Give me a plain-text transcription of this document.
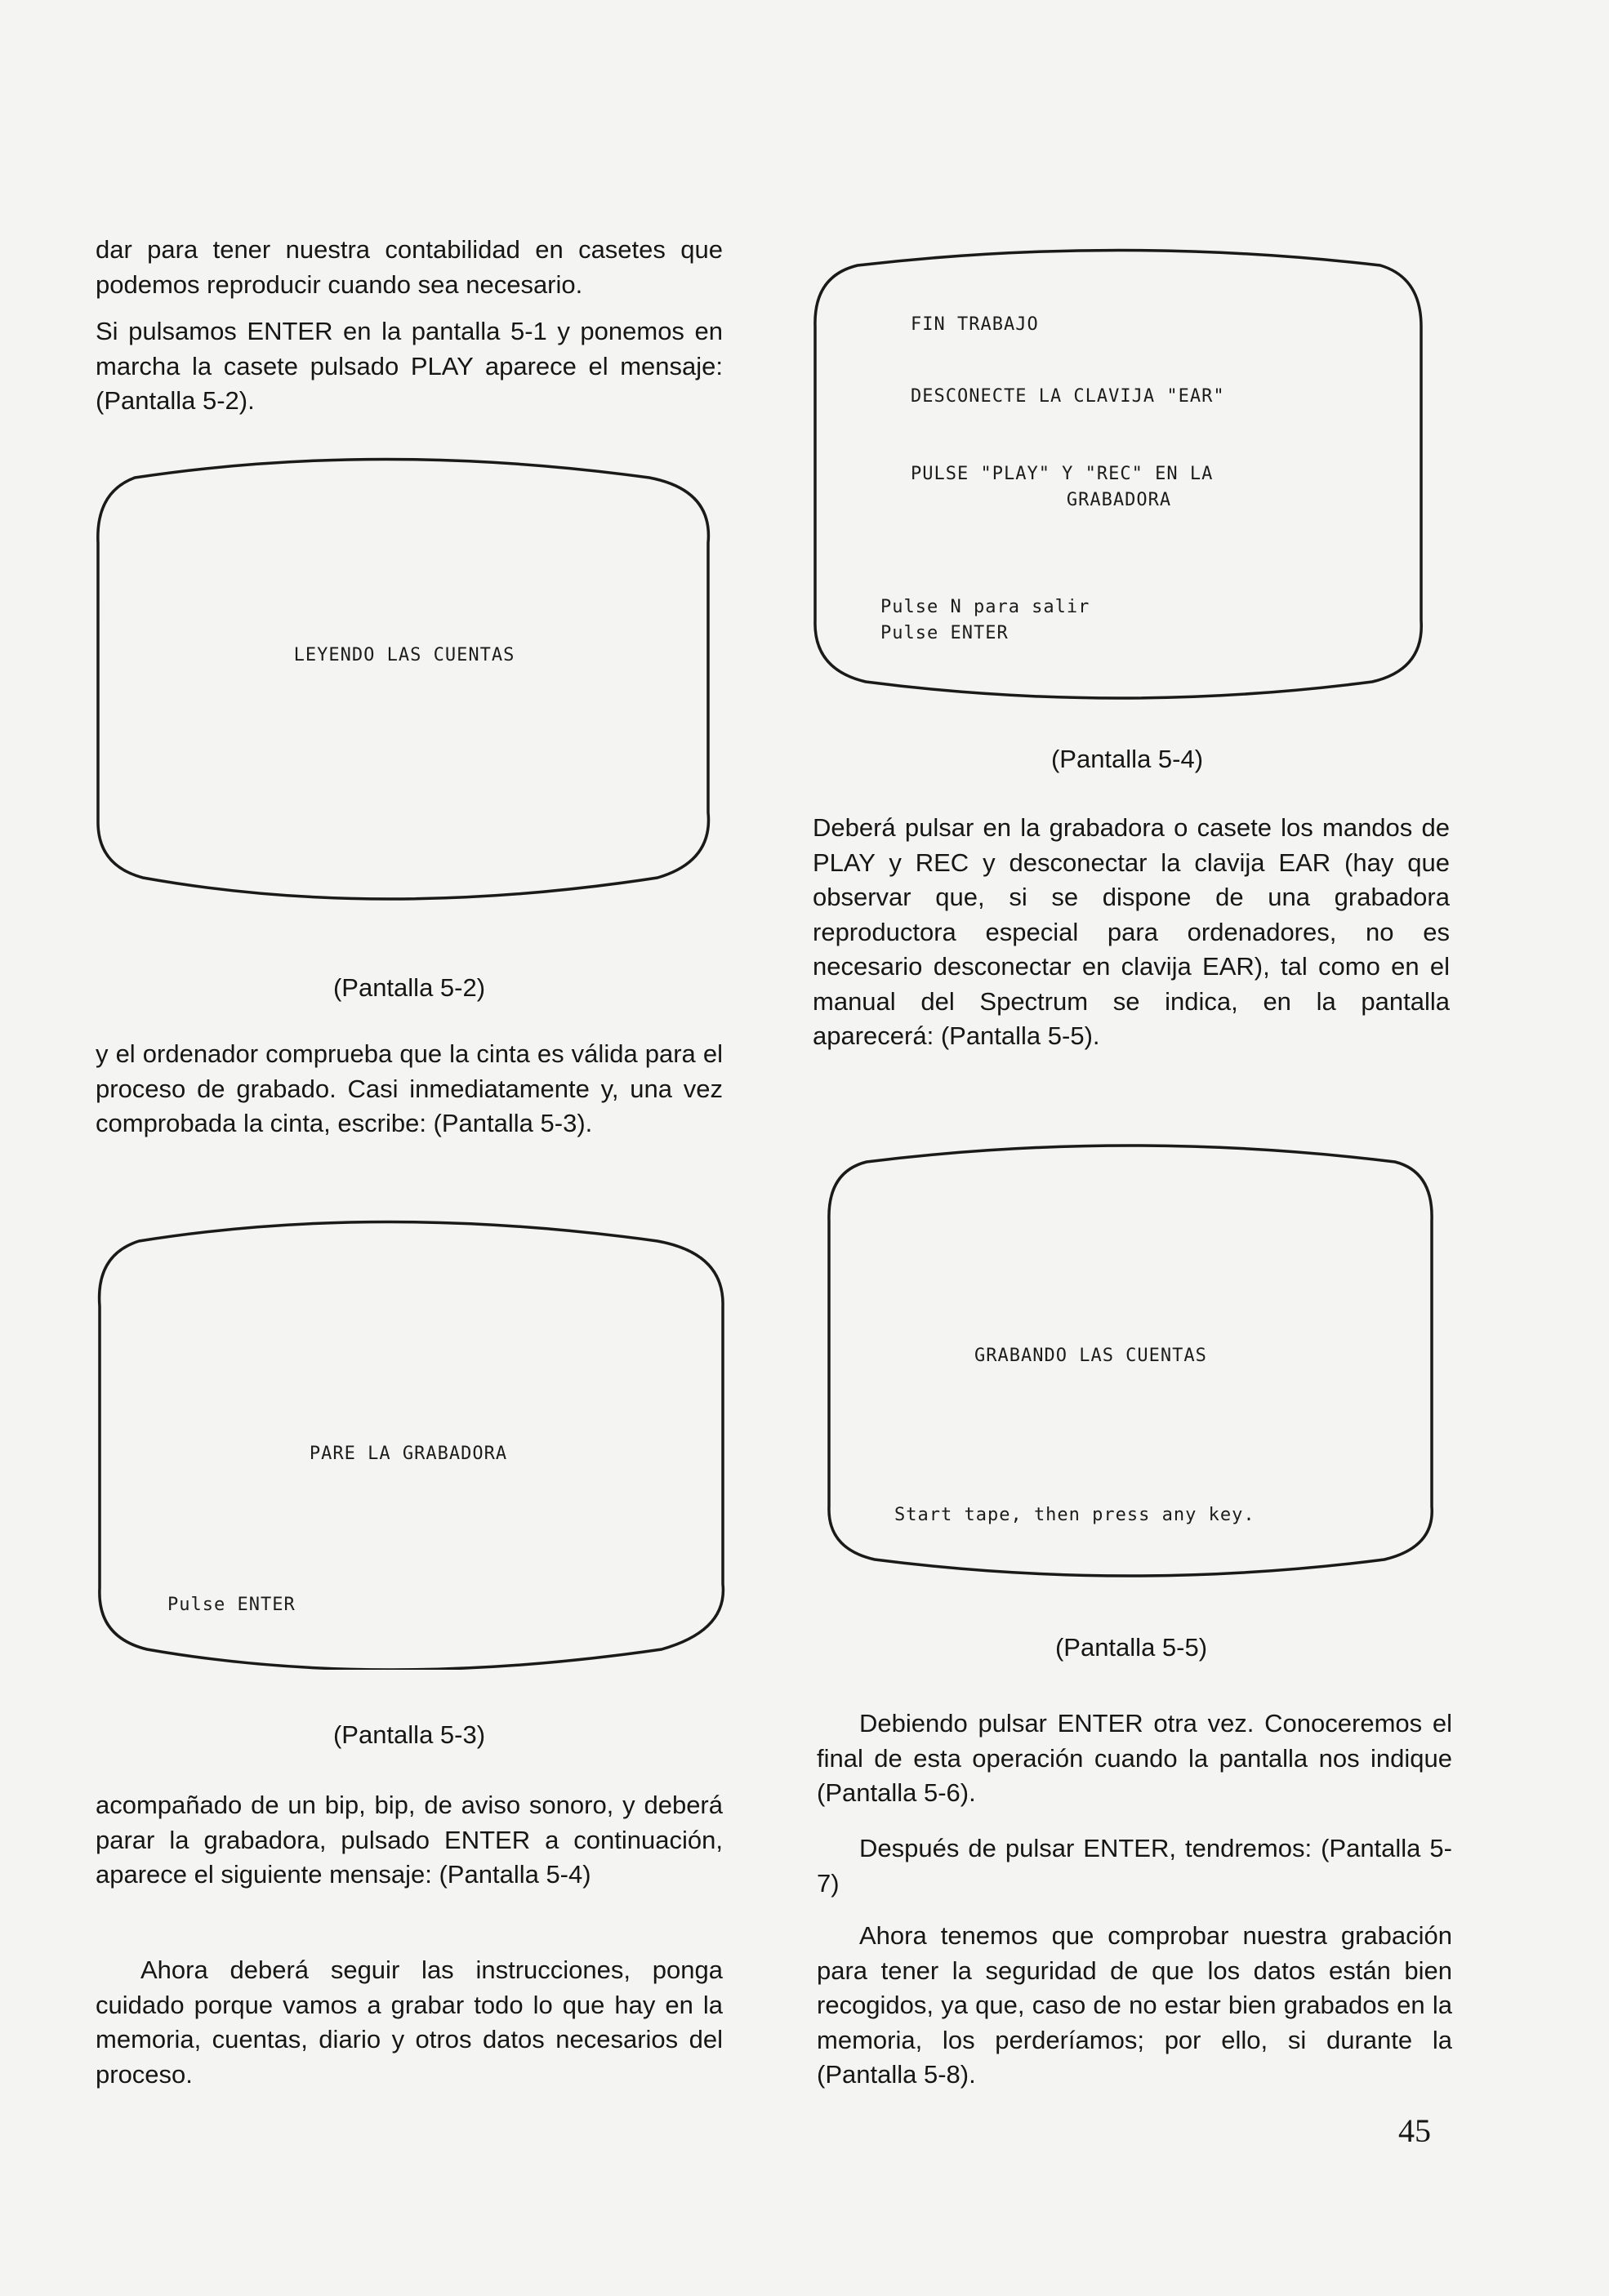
dar para tener nuestra contabilidad en casetes que podemos reproducir cuando sea necesario.

Si pulsamos ENTER en la pantalla 5-1 y ponemos en marcha la casete pulsado PLAY aparece el mensaje: (Pantalla 5-2).

LEYENDO LAS CUENTAS
(Pantalla 5-2)

y el ordenador comprueba que la cinta es válida para el proceso de grabado. Casi inmediatamente y, una vez comprobada la cinta, escribe: (Pantalla 5-3).

PARE LA GRABADORA
Pulse ENTER
(Pantalla 5-3)

acompañado de un bip, bip, de aviso sonoro, y deberá parar la grabadora, pulsado ENTER a continuación, aparece el siguiente mensaje: (Pantalla 5-4)

Ahora deberá seguir las instrucciones, ponga cuidado porque vamos a grabar todo lo que hay en la memoria, cuentas, diario y otros datos necesarios del proceso.

FIN TRABAJO
DESCONECTE LA CLAVIJA "EAR"
PULSE "PLAY" Y "REC" EN LA
GRABADORA
Pulse N para salir
Pulse ENTER
(Pantalla 5-4)

Deberá pulsar en la grabadora o casete los mandos de PLAY y REC y desconectar la clavija EAR (hay que observar que, si se dispone de una grabadora reproductora especial para ordenadores, no es necesario desconectar en clavija EAR), tal como en el manual del Spectrum se indica, en la pantalla aparecerá: (Pantalla 5-5).

GRABANDO LAS CUENTAS
Start tape, then press any key.
(Pantalla 5-5)

Debiendo pulsar ENTER otra vez. Conoceremos el final de esta operación cuando la pantalla nos indique (Pantalla 5-6).

Después de pulsar ENTER, tendremos: (Pantalla 5-7)

Ahora tenemos que comprobar nuestra grabación para tener la seguridad de que los datos están bien recogidos, ya que, caso de no estar bien grabados en la memoria, los perderíamos; por ello, si durante la (Pantalla 5-8).

45
